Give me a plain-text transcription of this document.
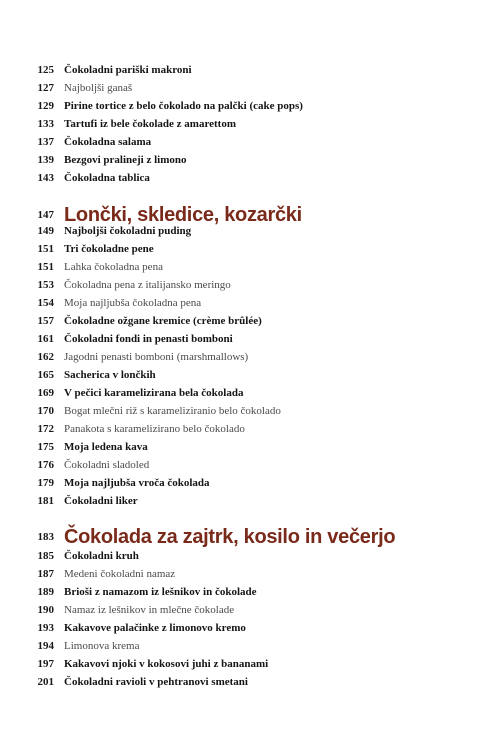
125 Čokoladni pariški makroni
127 Najboljši ganaš
129 Pirine tortice z belo čokolado na palčki (cake pops)
133 Tartufi iz bele čokolade z amarettom
137 Čokoladna salama
139 Bezgovi pralineji z limono
143 Čokoladna tablica
147 Lončki, skledice, kozarčki
149 Najboljši čokoladni puding
151 Tri čokoladne pene
151 Lahka čokoladna pena
153 Čokoladna pena z italijansko meringo
154 Moja najljubša čokoladna pena
157 Čokoladne ožgane kremice (crème brûlée)
161 Čokoladni fondi in penasti bomboni
162 Jagodni penasti bomboni (marshmallows)
165 Sacherica v lončkih
169 V pečici karamelizirana bela čokolada
170 Bogat mlečni riž s karameliziranio belo čokolado
172 Panakota s karamelizirano belo čokolado
175 Moja ledena kava
176 Čokoladni sladoled
179 Moja najljubša vroča čokolada
181 Čokoladni liker
183 Čokolada za zajtrk, kosilo in večerjo
185 Čokoladni kruh
187 Medeni čokoladni namaz
189 Brioši z namazom iz lešnikov in čokolade
190 Namaz iz lešnikov in mlečne čokolade
193 Kakavove palačinke z limonovo kremo
194 Limonova krema
197 Kakavovi njoki v kokosovi juhi z bananami
201 Čokoladni ravioli v pehtranovi smetani
